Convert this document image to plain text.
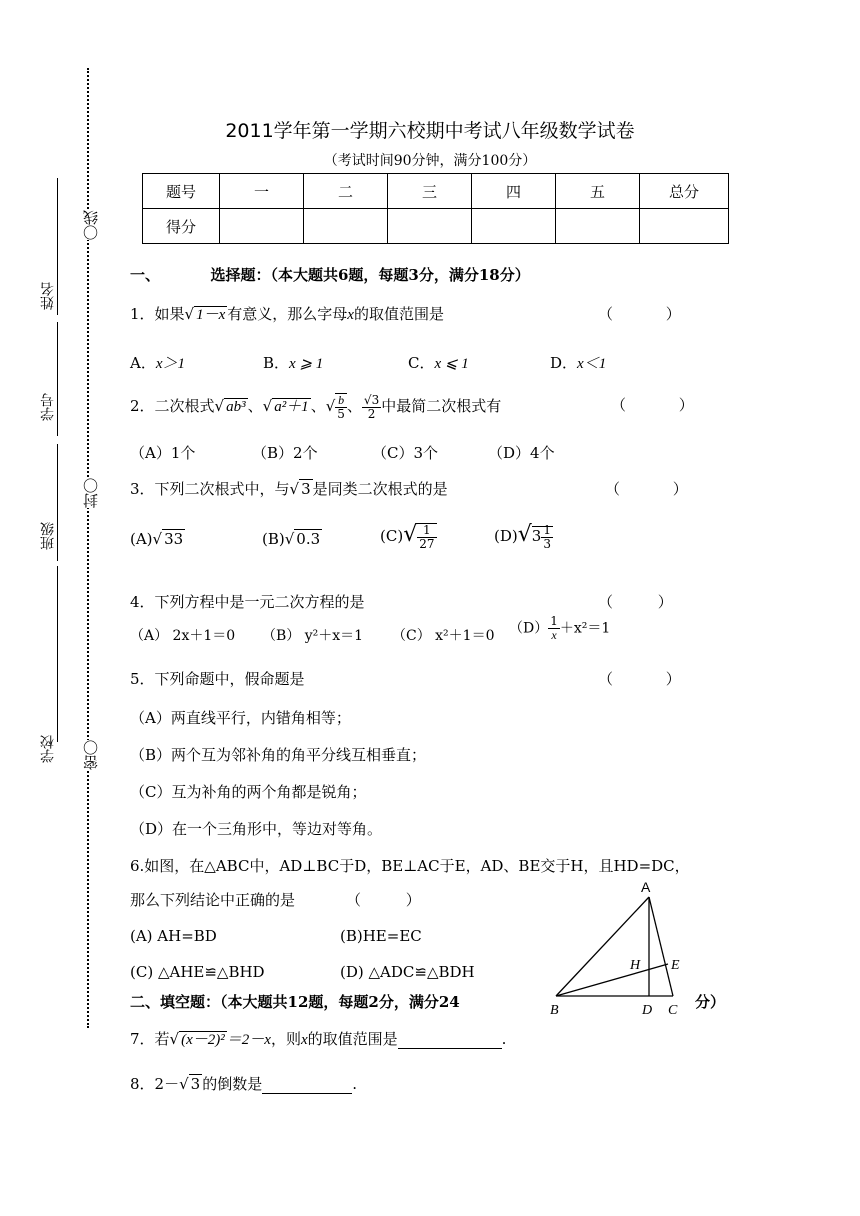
姓名
学号
班级
学校
〇线
封〇
密〇
2011学年第一学期六校期中考试八年级数学试卷
（考试时间90分钟，满分100分）
题号	一	二	三	四	五	总分
得分						
一、	选择题：（本大题共6题，每题3分，满分18分）
1．如果√ 1－x 有意义，那么字母x的取值范围是	（ ）
A．x＞1	B．x ⩾ 1	C．x ⩽ 1	D．x＜1
2．二次根式√ ab³ 、√ a²＋1 、√ $\frac{b}{5}$ 、 $\frac{√3}{2}$ 中最简二次根式有	（ ）
（A）1个	（B）2个	（C）3个	（D）4个
3．下列二次根式中，与√ 3 是同类二次根式的是	（ ）
(A)√ 33	(B)√ 0.3	$(C)√ \frac{1}{27}$	$(D)√3 \frac{1}{3}$
4．下列方程中是一元二次方程的是	（ ）
（A） 2x＋1＝0 （B） y²＋x＝1 （C） x²＋1＝0 $(D) \frac{1}{x} +x^2=1$
5．下列命题中，假命题是	（ ）
（A）两直线平行，内错角相等；
（B）两个互为邻补角的角平分线互相垂直；
（C）互为补角的两个角都是锐角；
（D）在一个三角形中，等边对等角。
6.如图，在△ABC中，AD⊥BC于D，BE⊥AC于E，AD、BE交于H，且HD=DC，
那么下列结论中正确的是	（ ）
(A) AH=BD	(B)HE=EC
(C) △AHE≌△BHD	(D) △ADC≌△BDH
A
B	C
D
E
H
二、填空题：（本大题共12题，每题2分，满分24	分）
7．若√ (x－2)² ＝2－x，则x的取值范围是	.
8．2－√ 3 的倒数是	.
